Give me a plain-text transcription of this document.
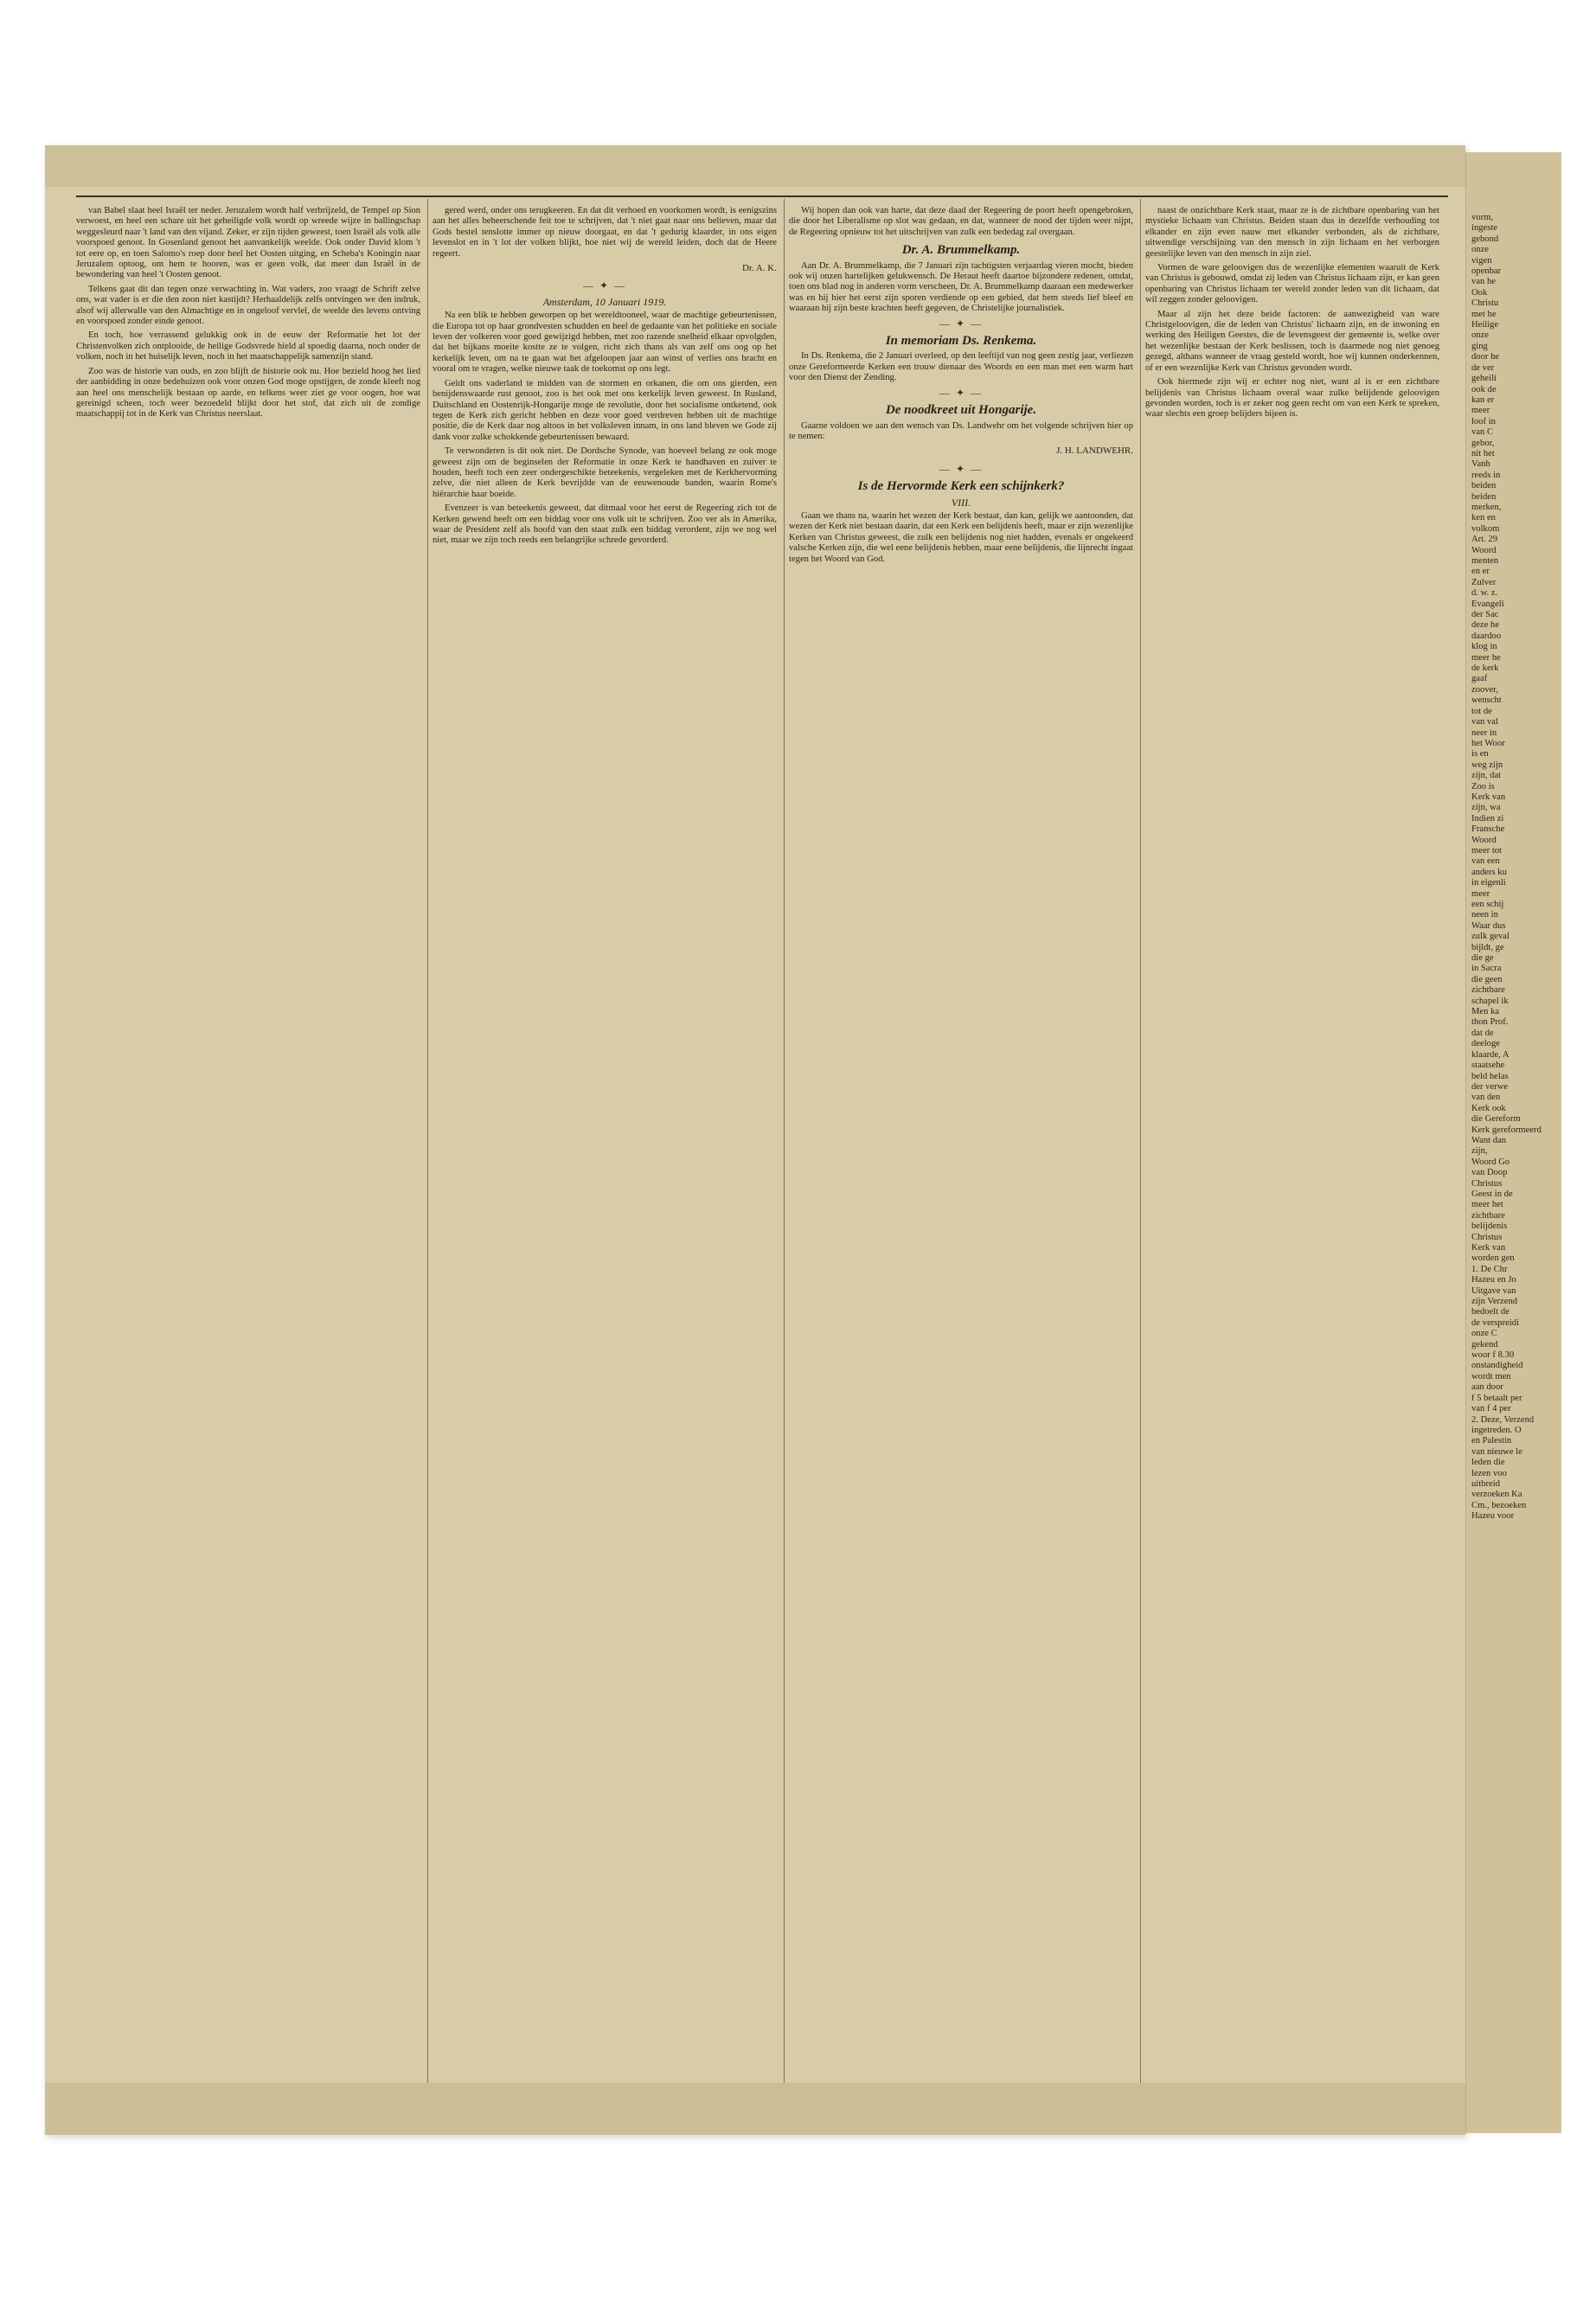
van Babel slaat heel Israël ter neder. Jeruzalem wordt half verbrijzeld, de Tempel op Sion verwoest, en heel een schare uit het geheiligde volk wordt op wreede wijze in ballingschap weggesleurd naar 't land van den vijand. Zeker, er zijn tijden geweest, toen Israël als volk alle voorspoed genoot. In Gosenland genoot het aanvankelijk weelde. Ook onder David klom 't tot eere op, en toen Salomo's roep door heel het Oosten uitging, en Scheba's Koningin naar Jeruzalem optoog, om hem te hooren, was er geen volk, dat meer dan Israël in de bewondering van heel 't Oosten genoot.

Telkens gaat dit dan tegen onze verwachting in. Wat vaders, zoo vraagt de Schrift zelve ons, wat vader is er die den zoon niet kastijdt? Herhaaldelijk zelfs ontvingen we den indruk, alsof wij allerwalle van den Almachtige en in ongeloof vervlel, de weelde des levens ontving en voorspoed zonder einde genoot.

En toch, hoe verrassend gelukkig ook in de eeuw der Reformatie het lot der Christenvolken zich ontplooide, de heilige Godsvrede hield al spoedig daarna, noch onder de volken, noch in het huiselijk leven, noch in het maatschappelijk samenzijn stand.

Zoo was de historie van ouds, en zoo blijft de historie ook nu. Hoe bezield hoog het lied der aanbidding in onze bedehuizen ook voor onzen God moge opstijgen, de zonde kleeft nog aan heel ons menschelijk bestaan op aarde, en telkens weer ziet ge voor oogen, hoe wat gereinigd scheen, toch weer bezoedeld blijkt door het stof, dat zich uit de zondige maatschappij tot in de Kerk van Christus neerslaat.

gered werd, onder ons terugkeeren. En dat dit verhoed en voorkomen wordt, is eenigszins aan het alles beheerschende feit toe te schrijven, dat 't niet gaat naar ons believen, maar dat Gods bestel tenslotte immer op nieuw doorgaat, en dat 't gedurig klaarder, in ons eigen levenslot en in 't lot der volken blijkt, hoe niet wij de wereld leiden, doch dat de Heere regeert.

Dr. A. K.
— ✦ —
Amsterdam, 10 Januari 1919.

Na een blik te hebben geworpen op het wereldtooneel, waar de machtige gebeurtenissen, die Europa tot op haar grondvesten schudden en heel de gedaante van het politieke en sociale leven der volkeren voor goed gewijzigd hebben, met zoo razende snelheid elkaar opvolgden, dat het bijkans moeite kostte ze te volgen, richt zich thans als van zelf ons oog op het kerkelijk leven, om na te gaan wat het afgeloopen jaar aan winst of verlies ons bracht en vooral om te vragen, welke nieuwe taak de toekomst op ons legt.

Geldt ons vaderland te midden van de stormen en orkanen, die om ons gierden, een benijdenswaarde rust genoot, zoo is het ook met ons kerkelijk leven geweest. In Rusland, Duitschland en Oostenrijk-Hongarije moge de revolutie, door het socialisme ontketend, ook tegen de Kerk zich gericht hebben en deze voor goed verdreven hebben uit de machtige positie, die de Kerk daar nog altoos in het volksleven innam, in ons land bleven we Gode zij dank voor zulke schokkende gebeurtenissen bewaard.

Te verwonderen is dit ook niet. De Dordsche Synode, van hoeveel belang ze ook moge geweest zijn om de beginselen der Reformatie in onze Kerk te handhaven en zuiver te houden, heeft toch een zeer ondergeschikte beteekenis, vergeleken met de Kerkhervorming zelve, die niet alleen de Kerk bevrijdde van de eeuwenoude banden, waarin Rome's hiërarchie haar boeide.

Evenzeer is van beteekenis geweest, dat ditmaal voor het eerst de Regeering zich tot de Kerken gewend heeft om een biddag voor ons volk uit te schrijven. Zoo ver als in Amerika, waar de President zelf als hoofd van den staat zulk een biddag verordent, zijn we nog wel niet, maar we zijn toch reeds een belangrijke schrede gevorderd.

Wij hopen dan ook van harte, dat deze daad der Regeering de poort heeft opengebroken, die door het Liberalisme op slot was gedaan, en dat, wanneer de nood der tijden weer nijpt, de Regeering opnieuw tot het uitschrijven van zulk een bededag zal overgaan.

Dr. A. Brummelkamp.

Aan Dr. A. Brummelkamp, die 7 Januari zijn tachtigsten verjaardag vieren mocht, bieden ook wij onzen hartelijken gelukwensch. De Heraut heeft daartoe bijzondere redenen, omdat, toen ons blad nog in anderen vorm verscheen, Dr. A. Brummelkamp daaraan een medewerker was en hij hier het eerst zijn sporen verdiende op een gebied, dat hem steeds lief bleef en waaraan hij zijn beste krachten heeft gegeven, de Christelijke journalistiek.

— ✦ —
In memoriam Ds. Renkema.

In Ds. Renkema, die 2 Januari overleed, op den leeftijd van nog geen zestig jaar, verliezen onze Gereformeerde Kerken een trouw dienaar des Woords en een man met een warm hart voor den Dienst der Zending.

— ✦ —
De noodkreet uit Hongarije.

Gaarne voldoen we aan den wensch van Ds. Landwehr om het volgende schrijven hier op te nemen:

J. H. LANDWEHR.
— ✦ —
Is de Hervormde Kerk een schijnkerk?
VIII.

Gaan we thans na, waarin het wezen der Kerk bestaat, dan kan, gelijk we aantoonden, dat wezen der Kerk niet bestaan daarin, dat een Kerk een belijdenis heeft, maar er zijn wezenlijke Kerken van Christus geweest, die zulk een belijdenis nog niet hadden, evenals er ongekeerd valsche Kerken zijn, die wel eene belijdenis hebben, maar eene belijdenis, die lijnrecht ingaat tegen het Woord van God.

naast de onzichtbare Kerk staat, maar ze is de zichtbare openbaring van het mystieke lichaam van Christus. Beiden staan dus in dezelfde verhouding tot elkander en zijn even nauw met elkander verbonden, als de zichtbare, uitwendige verschijning van den mensch in zijn lichaam en het verborgen geestelijke leven van den mensch in zijn ziel.

Vormen de ware geloovigen dus de wezenlijke elementen waaruit de Kerk van Christus is gebouwd, omdat zij leden van Christus lichaam zijn, er kan geen openbaring van Christus lichaam ter wereld zonder leden van dit lichaam, dat wil zeggen zonder geloovigen.

Maar al zijn het deze beide factoren: de aanwezigheid van ware Christgeloovigen, die de leden van Christus' lichaam zijn, en de inwoning en werking des Heiligen Geestes, die de levensgeest der gemeente is, welke over het wezenlijke bestaan der Kerk beslissen, toch is daarmede nog niet genoeg gezegd, althans wanneer de vraag gesteld wordt, hoe wij kunnen onderkennen, of er een wezenlijke Kerk van Christus gevonden wordt.

Ook hiermede zijn wij er echter nog niet, want al is er een zichtbare belijdenis van Christus lichaam overal waar zulke belijdende geloovigen gevonden worden, toch is er zeker nog geen recht om van een Kerk te spreken, waar slechts een groep belijders bijeen is.

vorm,
ingeste
gebond
onze
vigen
openbar
van he
Ook
Christu
met he
Heilige
onze
ging
door he
de ver
geheili
ook de
kan er
meer
loof in
van C
gebor,
nit het
Vanh
reeds in
beiden
beiden
merken,
ken en
volkom
Art. 29
Woord
menten
en er
Zulver
d. w. z.
Evangeli
der Sac
deze he
daardoo
klog in
meer he
de kerk
gaaf
zoover,
wenscht
tot de
van val
neer in
het Woor
is en
weg zijn
zijn, dat
Zoo is
Kerk van
zijn, wa
Indien zi
Fransche
Woord
meer tot
van een
anders ku
in eigenli
meer
een schij
neen in
Waar dus
zulk geval
bijldt, ge
die ge
in Sacra
die geen
zichtbare
schapel ik
Men ka
thon Prof.
dat de
deeloge
klaarde, A
staatsehe
beld helas
der verwe
van den
Kerk ook
die Gereform
Kerk gereformeerd
Want dan
zijn,
Woord Go
van Doop
Christus
Geest in de
meer het
zichtbare
belijdenis
Christus
Kerk van
worden gen
1. De Chr
Hazeu en Jo
Uitgave van
zijn Verzend
bedoelt de
de verspreidi
onze C
gekend
woor f 8.30
onstandigheid
wordt men
aan door
f 5 betaalt per
van f 4 per
2. Deze, Verzend
ingetreden. O
en Palestin
van nieuwe le
leden die
lezen voo
uitbreid
verzoeken Ka
Cm., bezoeken
Hazeu voor
